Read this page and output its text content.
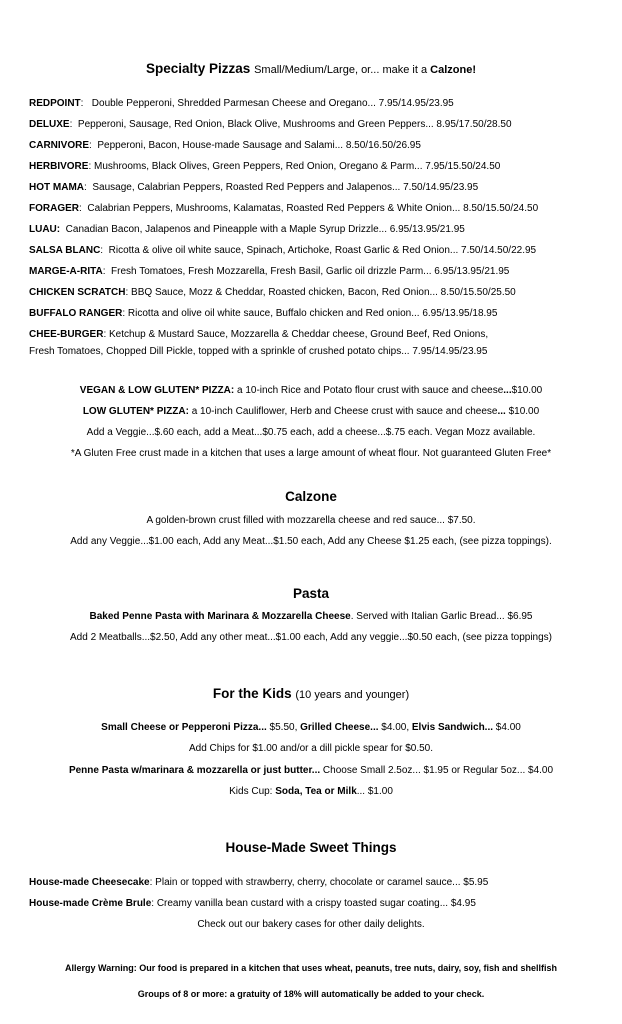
Specialty Pizzas Small/Medium/Large, or... make it a Calzone!
REDPOINT:   Double Pepperoni, Shredded Parmesan Cheese and Oregano... 7.95/14.95/23.95
DELUXE:  Pepperoni, Sausage, Red Onion, Black Olive, Mushrooms and Green Peppers... 8.95/17.50/28.50
CARNIVORE:  Pepperoni, Bacon, House-made Sausage and Salami... 8.50/16.50/26.95
HERBIVORE: Mushrooms, Black Olives, Green Peppers, Red Onion, Oregano & Parm... 7.95/15.50/24.50
HOT MAMA:  Sausage, Calabrian Peppers, Roasted Red Peppers and Jalapenos... 7.50/14.95/23.95
FORAGER:  Calabrian Peppers, Mushrooms, Kalamatas, Roasted Red Peppers & White Onion... 8.50/15.50/24.50
LUAU: Canadian Bacon, Jalapenos and Pineapple with a Maple Syrup Drizzle... 6.95/13.95/21.95
SALSA BLANC:  Ricotta & olive oil white sauce, Spinach, Artichoke, Roast Garlic & Red Onion... 7.50/14.50/22.95
MARGE-A-RITA:  Fresh Tomatoes, Fresh Mozzarella, Fresh Basil, Garlic oil drizzle Parm... 6.95/13.95/21.95
CHICKEN SCRATCH: BBQ Sauce, Mozz & Cheddar, Roasted chicken, Bacon, Red Onion... 8.50/15.50/25.50
BUFFALO RANGER: Ricotta and olive oil white sauce, Buffalo chicken and Red onion... 6.95/13.95/18.95
CHEE-BURGER: Ketchup & Mustard Sauce, Mozzarella & Cheddar cheese, Ground Beef, Red Onions,
Fresh Tomatoes, Chopped Dill Pickle, topped with a sprinkle of crushed potato chips... 7.95/14.95/23.95
VEGAN & LOW GLUTEN* PIZZA: a 10-inch Rice and Potato flour crust with sauce and cheese...$10.00
LOW GLUTEN* PIZZA: a 10-inch Cauliflower, Herb and Cheese crust with sauce and cheese... $10.00
Add a Veggie...$.60 each, add a Meat...$0.75 each, add a cheese...$.75 each. Vegan Mozz available.
*A Gluten Free crust made in a kitchen that uses a large amount of wheat flour. Not guaranteed Gluten Free*
Calzone
A golden-brown crust filled with mozzarella cheese and red sauce... $7.50.
Add any Veggie...$1.00 each, Add any Meat...$1.50 each, Add any Cheese $1.25 each, (see pizza toppings).
Pasta
Baked Penne Pasta with Marinara & Mozzarella Cheese. Served with Italian Garlic Bread... $6.95
Add 2 Meatballs...$2.50, Add any other meat...$1.00 each, Add any veggie...$0.50 each, (see pizza toppings)
For the Kids (10 years and younger)
Small Cheese or Pepperoni Pizza... $5.50, Grilled Cheese... $4.00, Elvis Sandwich... $4.00
Add Chips for $1.00 and/or a dill pickle spear for $0.50.
Penne Pasta w/marinara & mozzarella or just butter... Choose Small 2.5oz... $1.95 or Regular 5oz... $4.00
Kids Cup: Soda, Tea or Milk... $1.00
House-Made Sweet Things
House-made Cheesecake: Plain or topped with strawberry, cherry, chocolate or caramel sauce... $5.95
House-made Crème Brule: Creamy vanilla bean custard with a crispy toasted sugar coating... $4.95
Check out our bakery cases for other daily delights.
Allergy Warning: Our food is prepared in a kitchen that uses wheat, peanuts, tree nuts, dairy, soy, fish and shellfish
Groups of 8 or more: a gratuity of 18% will automatically be added to your check.
